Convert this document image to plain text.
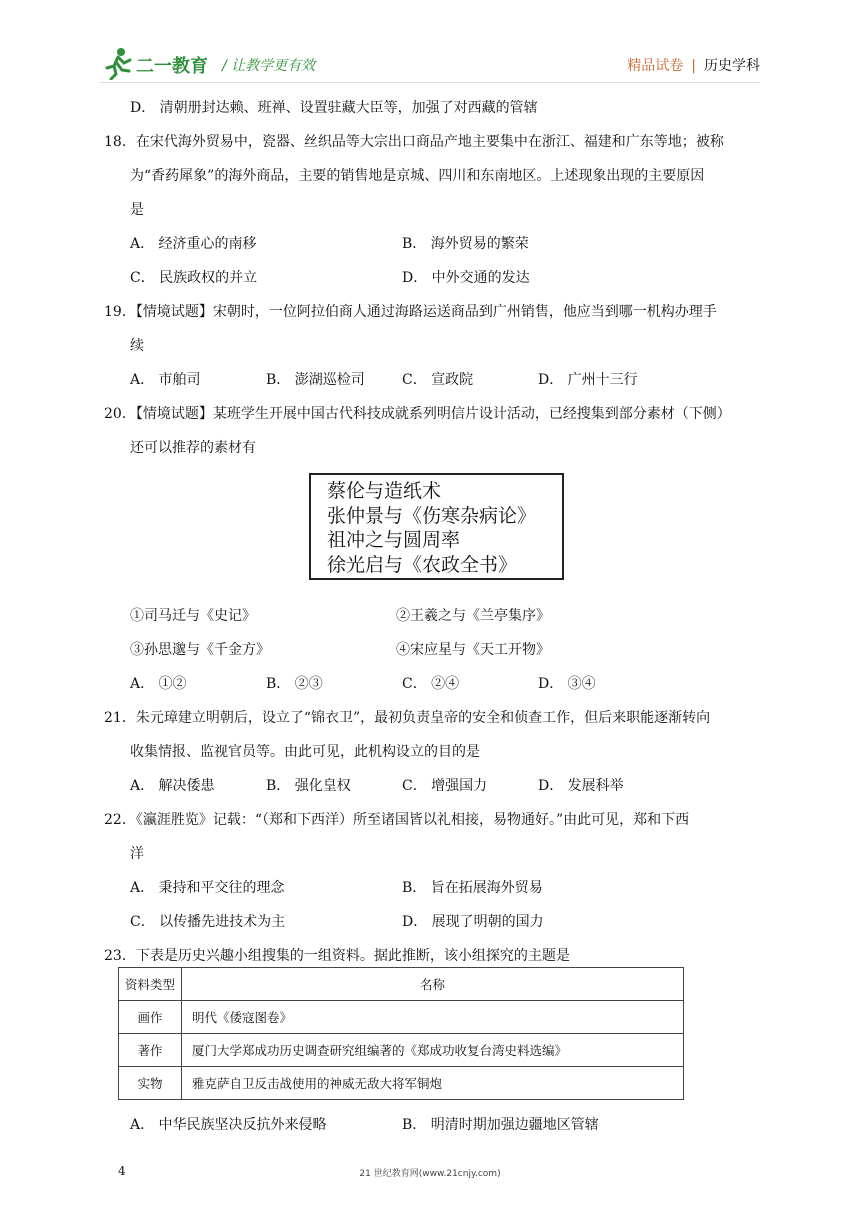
二一教育 / 让教学更有效	精品试卷 | 历史学科
D． 清朝册封达赖、班禅、设置驻藏大臣等，加强了对西藏的管辖
18．在宋代海外贸易中，瓷器、丝织品等大宗出口商品产地主要集中在浙江、福建和广东等地；被称
为“香药犀象”的海外商品，主要的销售地是京城、四川和东南地区。上述现象出现的主要原因
是
A． 经济重心的南移	B． 海外贸易的繁荣
C． 民族政权的并立	D． 中外交通的发达
19．【情境试题】宋朝时，一位阿拉伯商人通过海路运送商品到广州销售，他应当到哪一机构办理手
续
A． 市舶司	B． 澎湖巡检司	C． 宣政院	D． 广州十三行
20．【情境试题】某班学生开展中国古代科技成就系列明信片设计活动，已经搜集到部分素材（下侧）
还可以推荐的素材有
蔡伦与造纸术
张仲景与《伤寒杂病论》
祖冲之与圆周率
徐光启与《农政全书》
①司马迁与《史记》	②王羲之与《兰亭集序》
③孙思邈与《千金方》	④宋应星与《天工开物》
A． ①②	B． ②③	C． ②④	D． ③④
21．朱元璋建立明朝后，设立了“锦衣卫”，最初负责皇帝的安全和侦查工作，但后来职能逐渐转向
收集情报、监视官员等。由此可见，此机构设立的目的是
A． 解决倭患	B． 强化皇权	C． 增强国力	D． 发展科举
22．《瀛涯胜览》记载：“（郑和下西洋）所至诸国皆以礼相接，易物通好。”由此可见，郑和下西
洋
A． 秉持和平交往的理念	B． 旨在拓展海外贸易
C． 以传播先进技术为主	D． 展现了明朝的国力
23．下表是历史兴趣小组搜集的一组资料。据此推断，该小组探究的主题是
资料类型	名称
画作	明代《倭寇图卷》
著作	厦门大学郑成功历史调查研究组编著的《郑成功收复台湾史料选编》
实物	雅克萨自卫反击战使用的神威无敌大将军铜炮
A． 中华民族坚决反抗外来侵略	B． 明清时期加强边疆地区管辖
4	21 世纪教育网(www.21cnjy.com)
